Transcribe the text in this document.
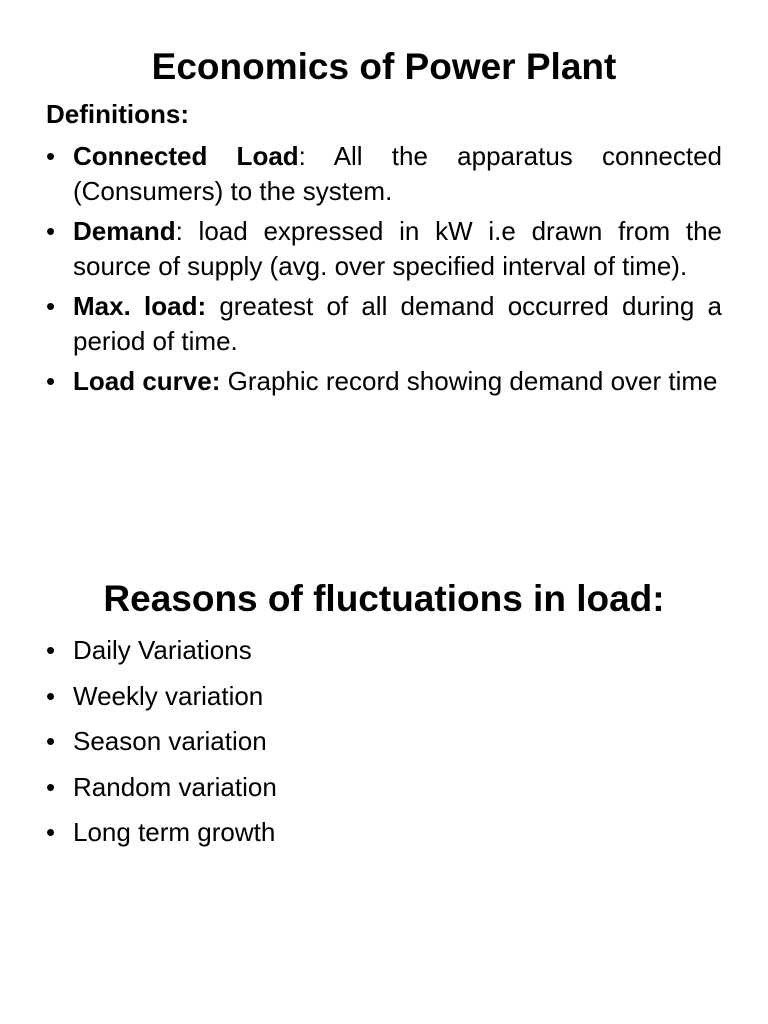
Economics of Power Plant
Definitions:
• Connected Load: All the apparatus connected (Consumers) to the system.
• Demand: load expressed in kW i.e drawn from the source of supply (avg. over specified interval of time).
• Max. load: greatest of all demand occurred during a period of time.
• Load curve: Graphic record showing demand over time
Reasons of fluctuations in load:
• Daily Variations
• Weekly variation
• Season variation
• Random variation
• Long term growth
